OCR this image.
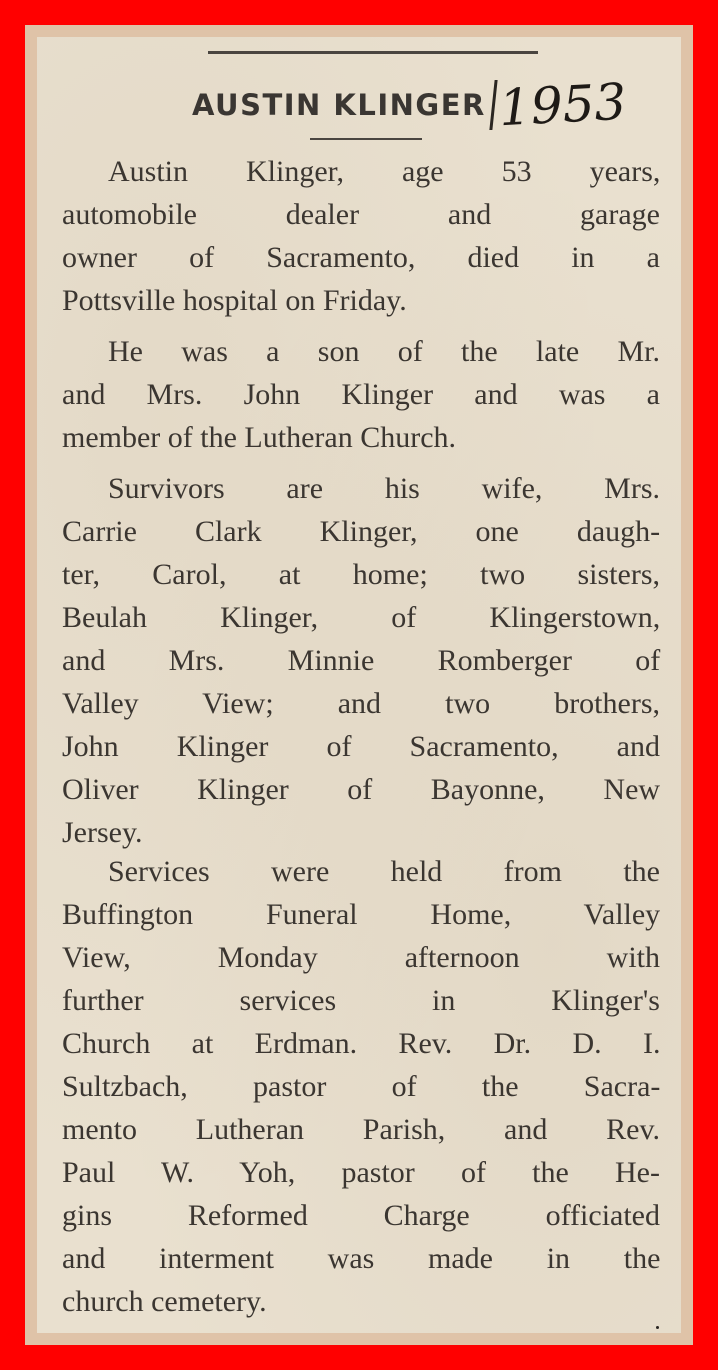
AUSTIN KLINGER 1953
Austin Klinger, age 53 years,
automobile dealer and garage
owner of Sacramento, died in a
Pottsville hospital on Friday.
He was a son of the late Mr.
and Mrs. John Klinger and was a
member of the Lutheran Church.
Survivors are his wife, Mrs.
Carrie Clark Klinger, one daugh-
ter, Carol, at home; two sisters,
Beulah Klinger, of Klingerstown,
and Mrs. Minnie Romberger of
Valley View; and two brothers,
John Klinger of Sacramento, and
Oliver Klinger of Bayonne, New
Jersey.
Services were held from the
Buffington Funeral Home, Valley
View, Monday afternoon with
further services in Klinger's
Church at Erdman. Rev. Dr. D. I.
Sultzbach, pastor of the Sacra-
mento Lutheran Parish, and Rev.
Paul W. Yoh, pastor of the He-
gins Reformed Charge officiated
and interment was made in the
church cemetery.
